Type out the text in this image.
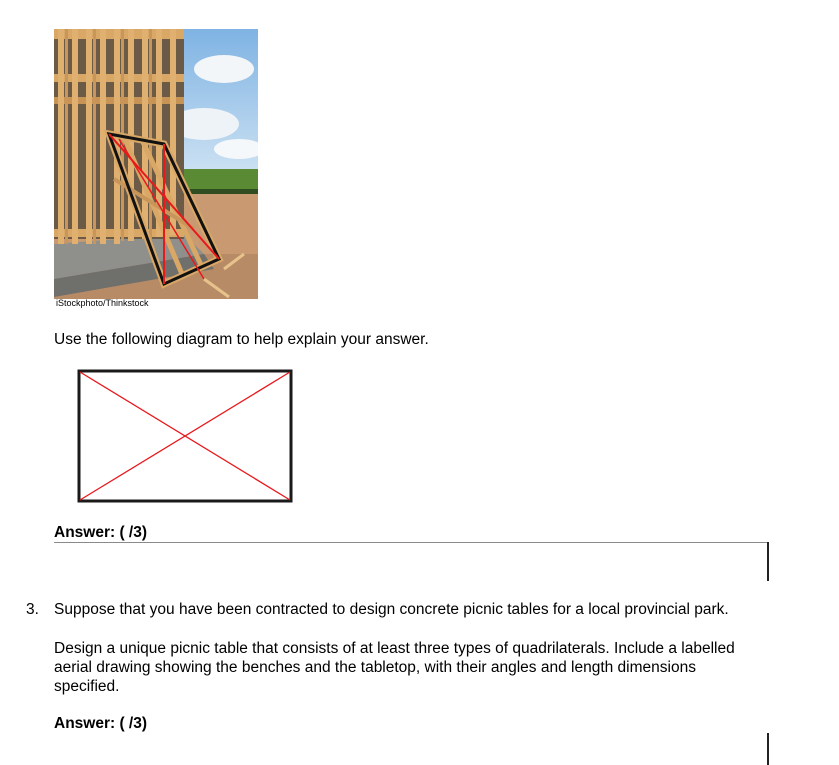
iStockphoto/Thinkstock
Use the following diagram to help explain your answer.
Answer: ( /3)
3. Suppose that you have been contracted to design concrete picnic tables for a local provincial park.
Design a unique picnic table that consists of at least three types of quadrilaterals. Include a labelled aerial drawing showing the benches and the tabletop, with their angles and length dimensions specified.
Answer: ( /3)
